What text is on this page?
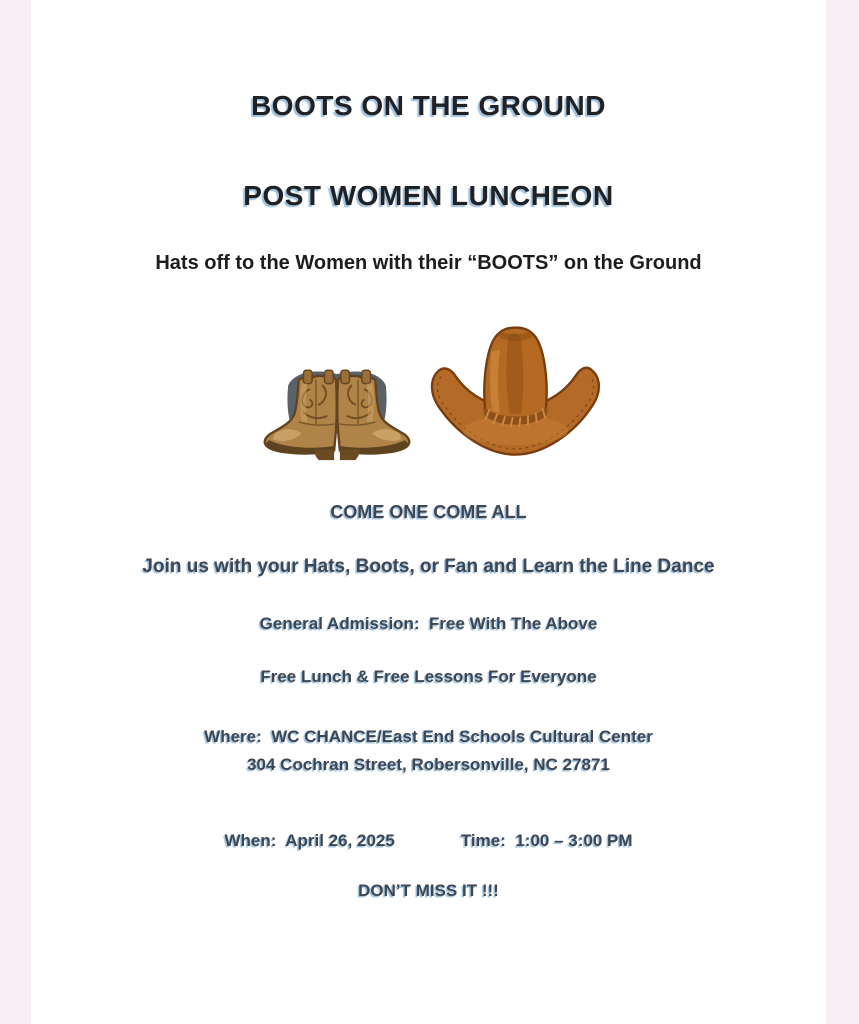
BOOTS ON THE GROUND
POST WOMEN LUNCHEON
Hats off to the Women with their “BOOTS” on the Ground
COME ONE COME ALL
Join us with your Hats, Boots, or Fan and Learn the Line Dance
General Admission:  Free With The Above
Free Lunch & Free Lessons For Everyone
Where:  WC CHANCE/East End Schools Cultural Center
304 Cochran Street, Robersonville, NC 27871
When:  April 26, 2025	Time:  1:00 – 3:00 PM
DON’T MISS IT !!!
